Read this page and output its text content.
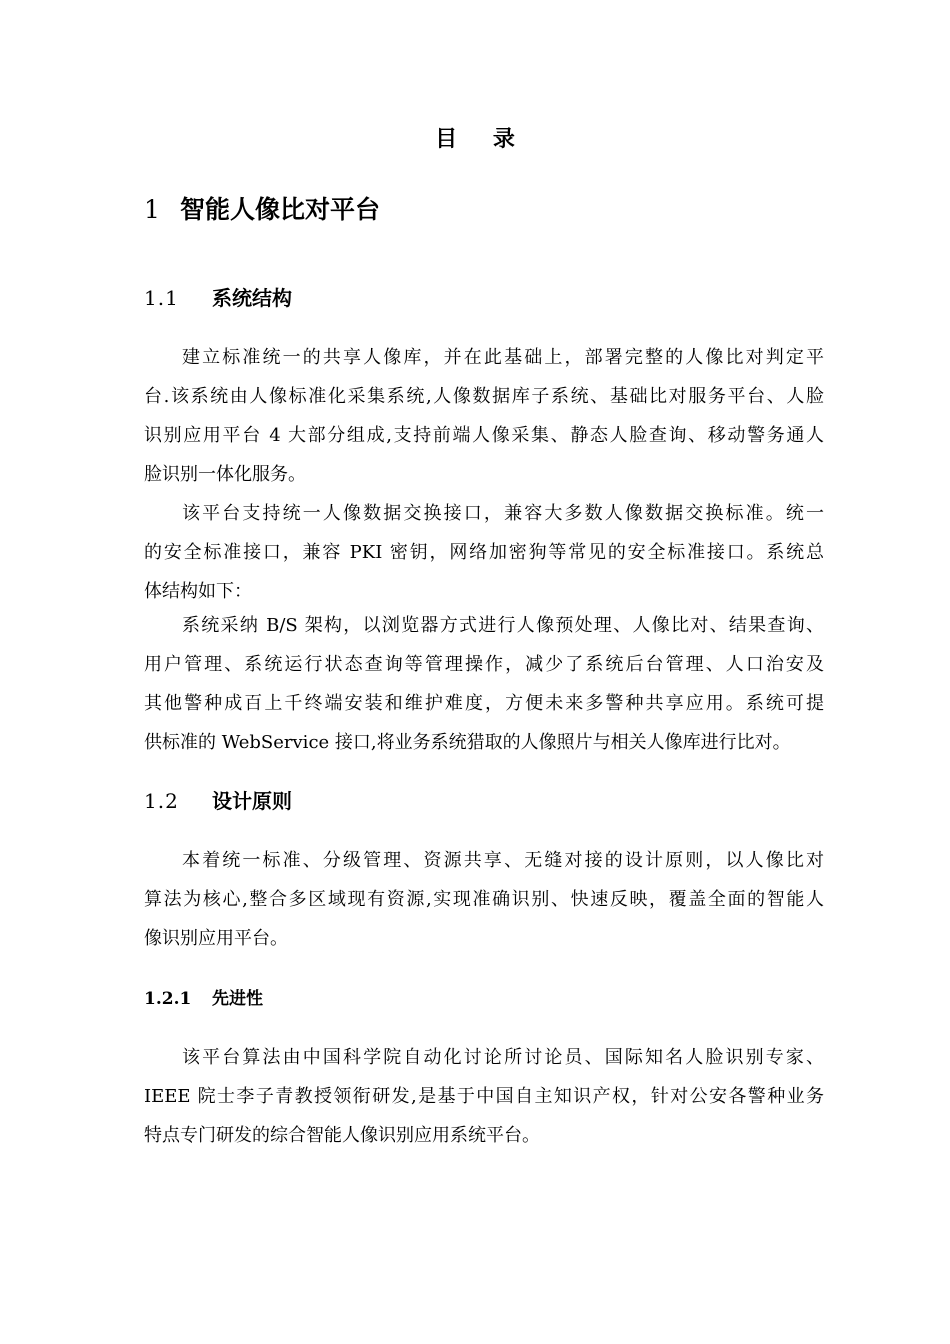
目 录
1 智能人像比对平台
1.1 系统结构
建立标准统一的共享人像库，并在此基础上，部署完整的人像比对判定平
台.该系统由人像标准化采集系统,人像数据库子系统、基础比对服务平台、人脸
识别应用平台 4 大部分组成,支持前端人像采集、静态人脸查询、移动警务通人
脸识别一体化服务。
该平台支持统一人像数据交换接口，兼容大多数人像数据交换标准。统一
的安全标准接口，兼容 PKI 密钥，网络加密狗等常见的安全标准接口。系统总
体结构如下：
系统采纳 B/S 架构，以浏览器方式进行人像预处理、人像比对、结果查询、
用户管理、系统运行状态查询等管理操作，减少了系统后台管理、人口治安及
其他警种成百上千终端安装和维护难度，方便未来多警种共享应用。系统可提
供标准的 WebService 接口,将业务系统猎取的人像照片与相关人像库进行比对。
1.2 设计原则
本着统一标准、分级管理、资源共享、无缝对接的设计原则，以人像比对
算法为核心,整合多区域现有资源,实现准确识别、快速反映，覆盖全面的智能人
像识别应用平台。
1.2.1 先进性
该平台算法由中国科学院自动化讨论所讨论员、国际知名人脸识别专家、
IEEE 院士李子青教授领衔研发,是基于中国自主知识产权，针对公安各警种业务
特点专门研发的综合智能人像识别应用系统平台。
